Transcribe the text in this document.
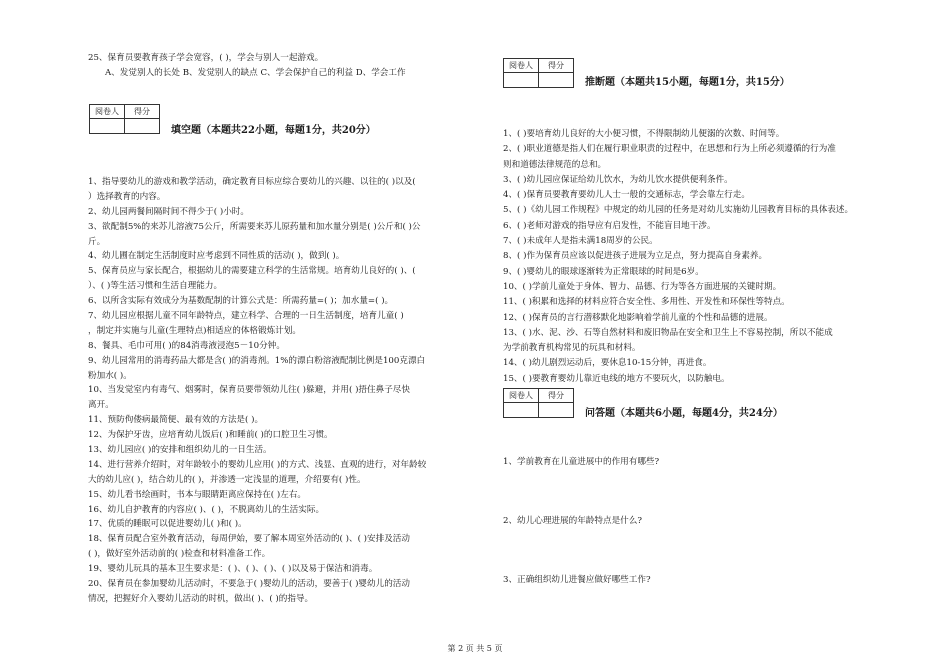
25、保育员要教育孩子学会宽容，( )，学会与别人一起游戏。
A、发觉别人的长处 B、发觉别人的缺点 C、学会保护自己的利益 D、学会工作
阅卷人	得分

填空题（本题共22小题，每题1分，共20分）
1、指导要幼儿的游戏和教学活动，确定教育目标应综合要幼儿的兴趣、以往的( )以及(
）选择教育的内容。
2、幼儿园两餐间隔时间不得少于( )小时。
3、欲配制5%的来苏儿溶液75公斤，所需要来苏儿原药量和加水量分别是( )公斤和( )公
斤。
4、幼儿圃在制定生活制度时应考虑到不同性质的活动( )，做到( )。
5、保育员应与家长配合，根据幼儿的需要建立科学的生活常规。培育幼儿良好的( )、(
）、( )等生活习惯和生活自理能力。
6、以所含实际有效成分为基数配制的计算公式是：所需药量=( )；加水量=( )。
7、幼儿园应根据儿童不同年龄特点，建立科学、合理的一日生活制度，培育儿童( )
，制定并实施与儿童(生理特点)相适应的体格锻炼计划。
8、餐具、毛巾可用( )的84消毒液浸泡5－10分钟。
9、幼儿园常用的消毒药品大都是含( )的消毒剂。1%的漂白粉溶液配制比例是100克漂白
粉加水( )。
10、当发觉室内有毒气、烟雾时，保育员要带领幼儿往( )躲避，并用( )捂住鼻子尽快
离开。
11、预防佝偻病最简便、最有效的方法是( )。
12、为保护牙齿，应培育幼儿饭后( )和睡前( )的口腔卫生习惯。
13、幼儿园应( )的安排和组织幼儿的一日生活。
14、进行营养介绍时，对年龄较小的婴幼儿应用( )的方式、浅显、直观的进行，对年龄较
大的幼儿应( )，结合幼儿的( )，并渗透一定浅显的道理，介绍要有( )性。
15、幼儿看书绘画时，书本与眼睛距离应保持在( )左右。
16、幼儿自护教育的内容应( )、( )，不脱离幼儿的生活实际。
17、优质的睡眠可以促进婴幼儿( )和( )。
18、保育员配合室外教育活动，每周伊始，要了解本周室外活动的( )、( )安排及活动
( )，做好室外活动前的( )检查和材料准备工作。
19、婴幼儿玩具的基本卫生要求是：( )、( )、( )、( )以及易于保洁和消毒。
20、保育员在参加婴幼儿活动时，不要急于( )婴幼儿的活动，要善于( )婴幼儿的活动
情况，把握好介入婴幼儿活动的时机，做出( )、( )的指导。
阅卷人	得分

推断题（本题共15小题，每题1分，共15分）
1、( )要培育幼儿良好的大小便习惯，不得限制幼儿便溺的次数、时间等。
2、( )职业道德是指人们在履行职业职责的过程中，在思想和行为上所必须遵循的行为准
则和道德法律规范的总和。
3、( )幼儿园应保证给幼儿饮水，为幼儿饮水提供便利条件。
4、( )保育员要教育要幼儿人士一般的交通标志，学会靠左行走。
5、( )《幼儿园工作规程》中规定的幼儿园的任务是对幼儿实施幼儿园教育目标的具体表述。
6、( )老师对游戏的指导应有启发性，不能盲目地干涉。
7、( )未成年人是指未满18周岁的公民。
8、( )作为保育员应该以促进孩子进展为立足点，努力提高自身素养。
9、( )婴幼儿的眼球逐渐转为正常眼球的时间是6岁。
10、( )学前儿童处于身体、智力、品德、行为等各方面进展的关键时期。
11、( )积累和选择的材料应符合安全性、多用性、开发性和环保性等特点。
12、( )保育员的言行潜移默化地影响着学前儿童的个性和品德的进展。
13、( )水、泥、沙、石等自然材料和废旧物品在安全和卫生上不容易控制，所以不能成
为学前教育机构常见的玩具和材料。
14、( )幼儿剧烈运动后，要休息10-15分钟，再进食。
15、( )要教育婴幼儿靠近电线的地方不要玩火，以防触电。
阅卷人	得分

问答题（本题共6小题，每题4分，共24分）
1、学前教育在儿童进展中的作用有哪些?
2、幼儿心理进展的年龄特点是什么?
3、正确组织幼儿进餐应做好哪些工作?
第 2 页 共 5 页
